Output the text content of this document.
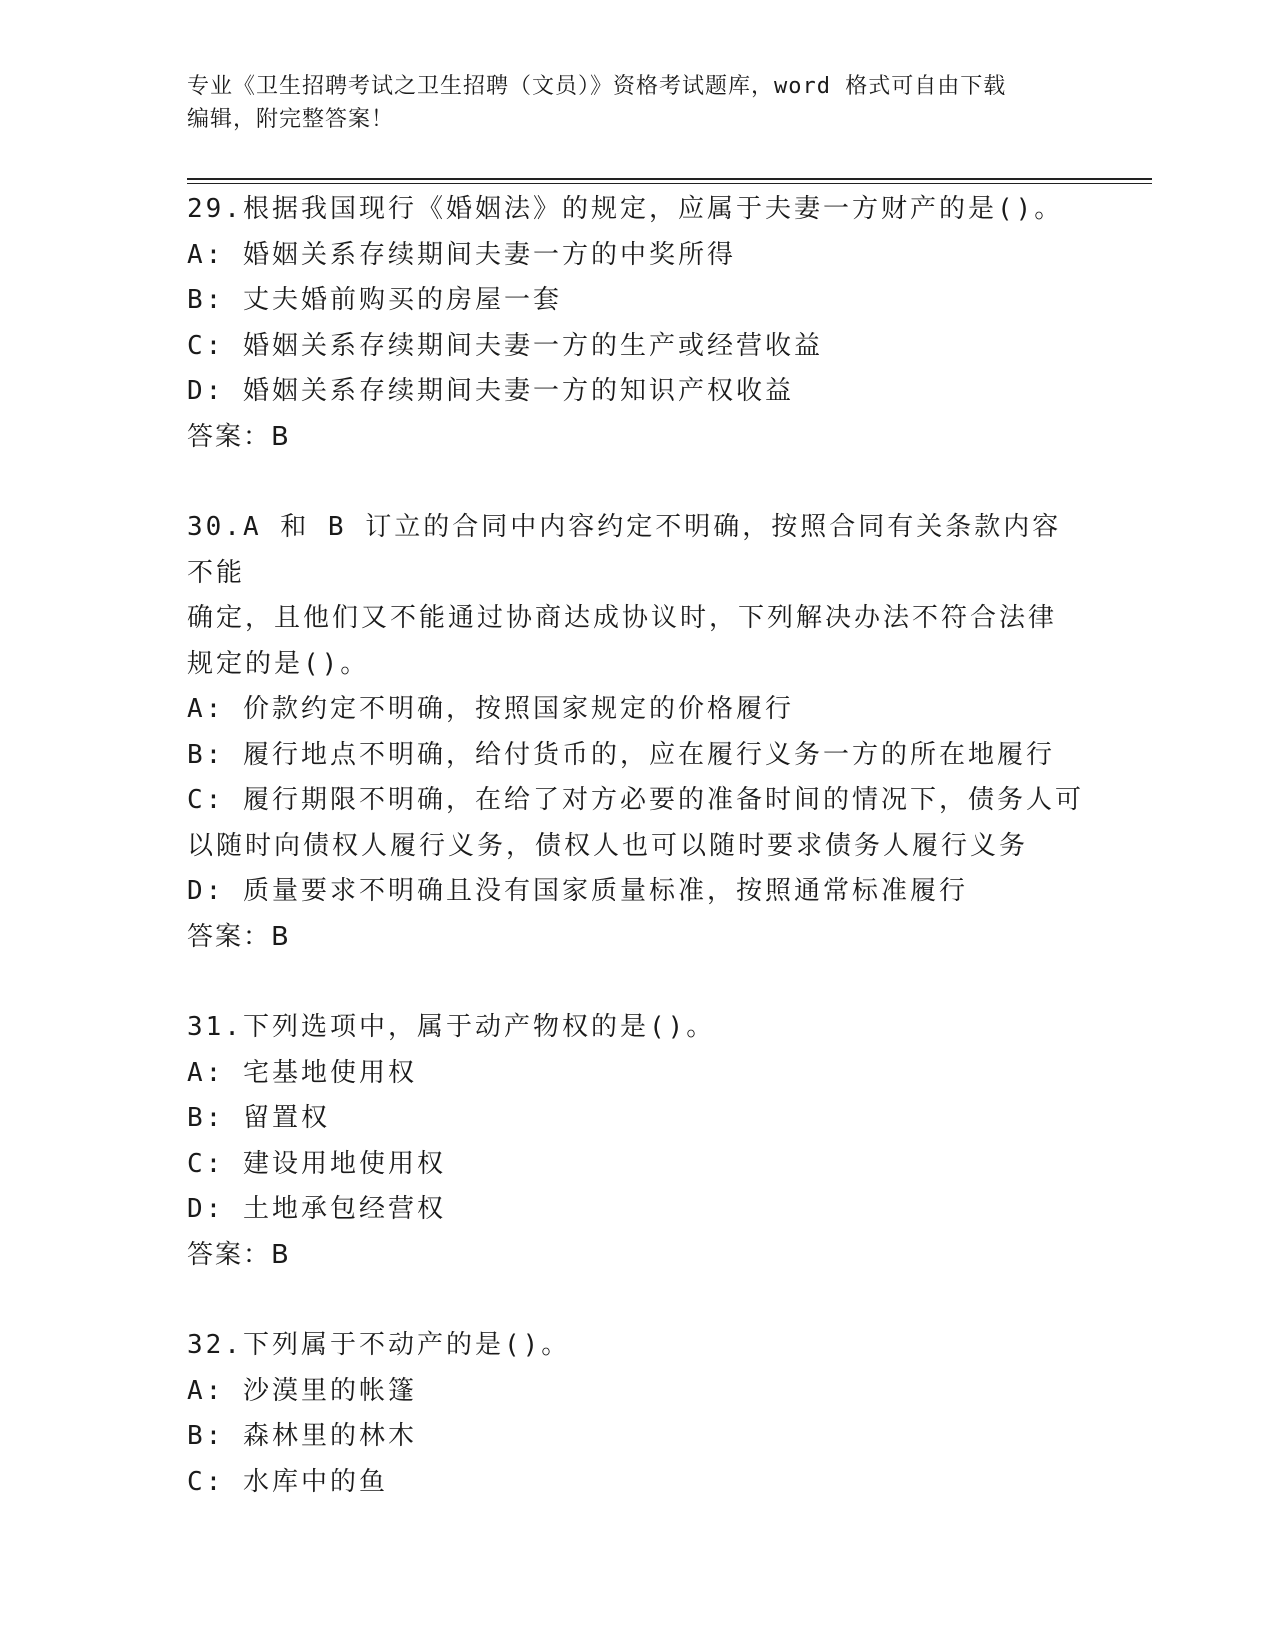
专业《卫生招聘考试之卫生招聘（文员）》资格考试题库，word 格式可自由下载
编辑，附完整答案！
29.根据我国现行《婚姻法》的规定，应属于夫妻一方财产的是()。
A: 婚姻关系存续期间夫妻一方的中奖所得
B: 丈夫婚前购买的房屋一套
C: 婚姻关系存续期间夫妻一方的生产或经营收益
D: 婚姻关系存续期间夫妻一方的知识产权收益
答案：B
30.A 和 B 订立的合同中内容约定不明确，按照合同有关条款内容不能
确定，且他们又不能通过协商达成协议时，下列解决办法不符合法律
规定的是()。
A: 价款约定不明确，按照国家规定的价格履行
B: 履行地点不明确，给付货币的，应在履行义务一方的所在地履行
C: 履行期限不明确，在给了对方必要的准备时间的情况下，债务人可
以随时向债权人履行义务，债权人也可以随时要求债务人履行义务
D: 质量要求不明确且没有国家质量标准，按照通常标准履行
答案：B
31.下列选项中，属于动产物权的是()。
A: 宅基地使用权
B: 留置权
C: 建设用地使用权
D: 土地承包经营权
答案：B
32.下列属于不动产的是()。
A: 沙漠里的帐篷
B: 森林里的林木
C: 水库中的鱼
